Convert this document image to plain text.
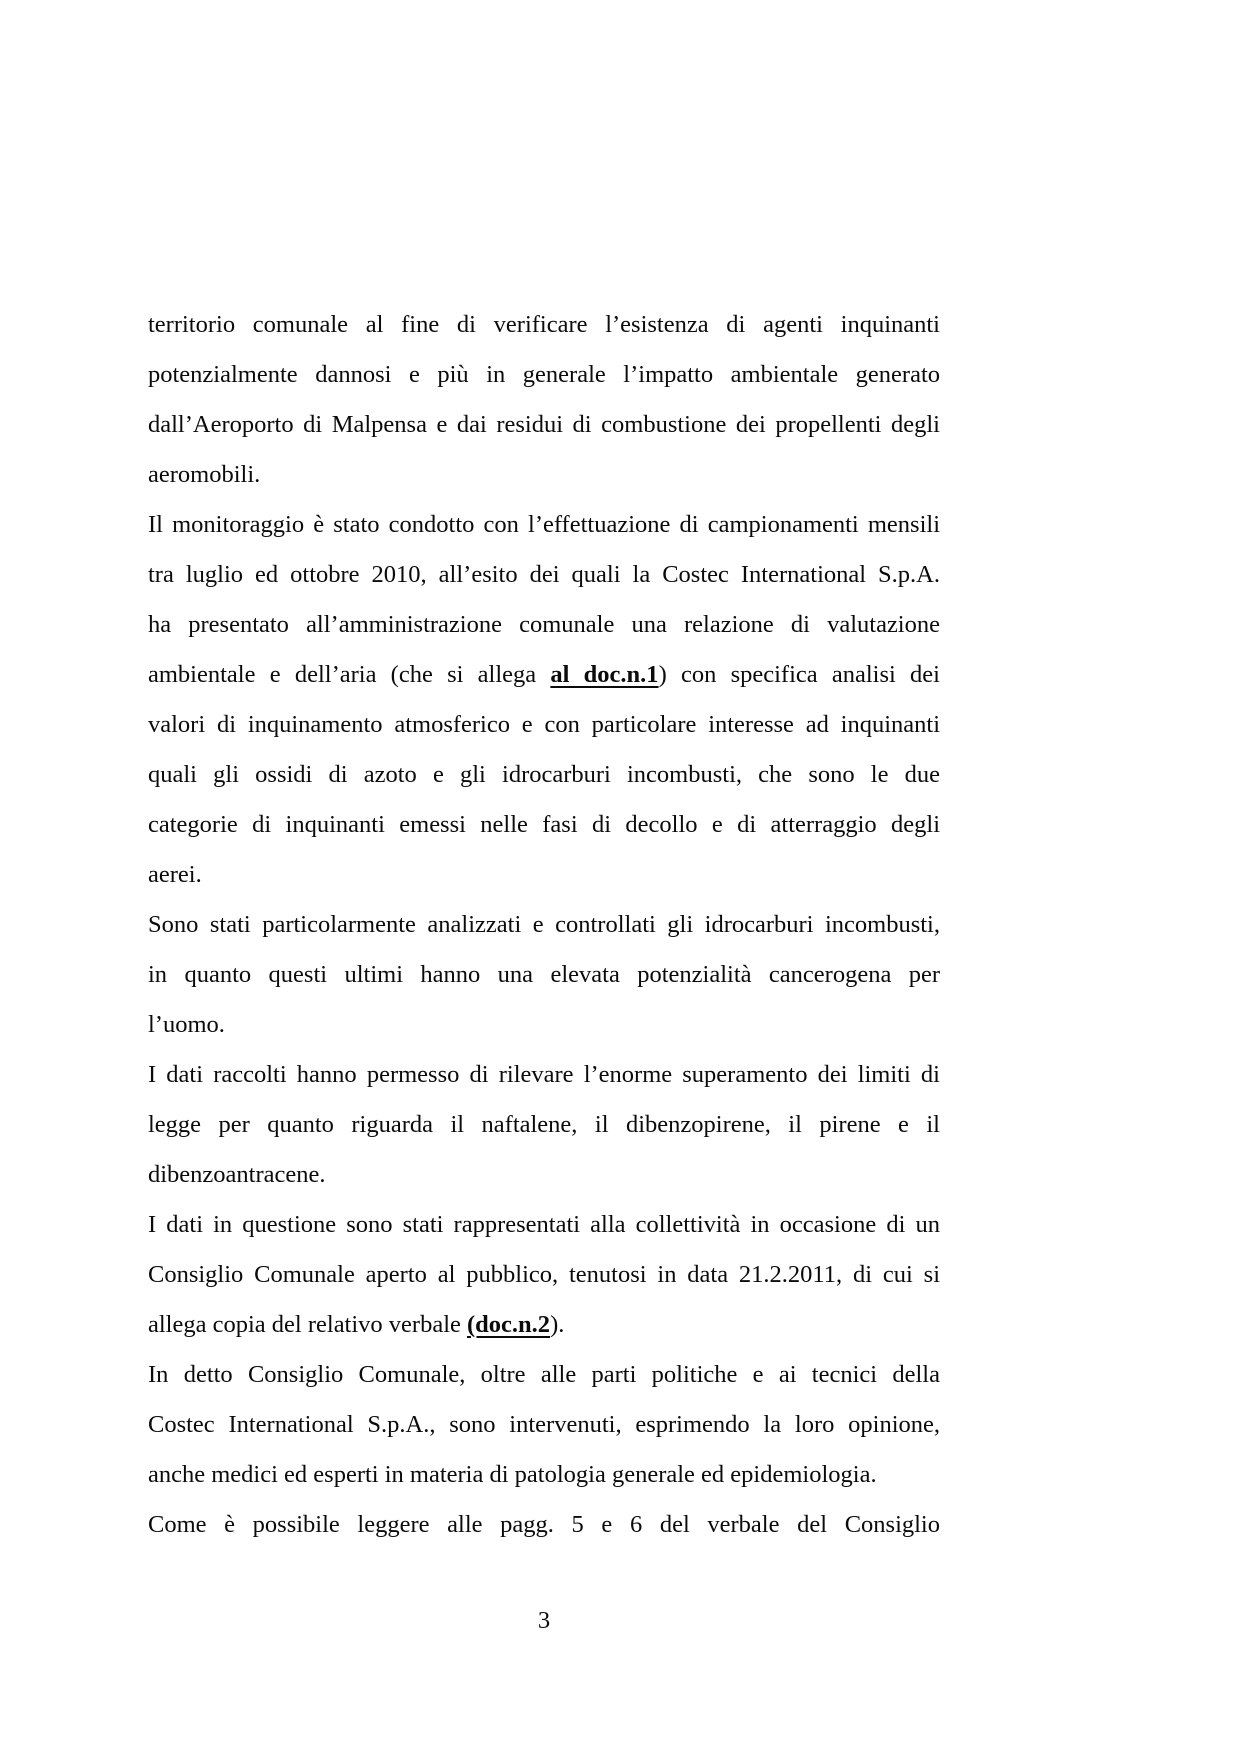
territorio comunale al fine di verificare l’esistenza di agenti inquinanti
potenzialmente dannosi e più in generale l’impatto ambientale generato
dall’Aeroporto di Malpensa e dai residui di combustione dei propellenti degli
aeromobili.
Il monitoraggio è stato condotto con l’effettuazione di campionamenti mensili
tra luglio ed ottobre 2010, all’esito dei quali la Costec International S.p.A.
ha presentato all’amministrazione comunale una relazione di valutazione
ambientale e dell’aria (che si allega al doc.n.1) con specifica analisi dei
valori di inquinamento atmosferico e con particolare interesse ad inquinanti
quali gli ossidi di azoto e gli idrocarburi incombusti, che sono le due
categorie di inquinanti emessi nelle fasi di decollo e di atterraggio degli
aerei.
Sono stati particolarmente analizzati e controllati gli idrocarburi incombusti,
in quanto questi ultimi hanno una elevata potenzialità cancerogena per
l’uomo.
I dati raccolti hanno permesso di rilevare l’enorme superamento dei limiti di
legge per quanto riguarda il naftalene, il dibenzopirene, il pirene e il
dibenzoantracene.
I dati in questione sono stati rappresentati alla collettività in occasione di un
Consiglio Comunale aperto al pubblico, tenutosi in data 21.2.2011, di cui si
allega copia del relativo verbale (doc.n.2).
In detto Consiglio Comunale, oltre alle parti politiche e ai tecnici della
Costec International S.p.A., sono intervenuti, esprimendo la loro opinione,
anche medici ed esperti in materia di patologia generale ed epidemiologia.
Come è possibile leggere alle pagg. 5 e 6 del verbale del Consiglio
3
